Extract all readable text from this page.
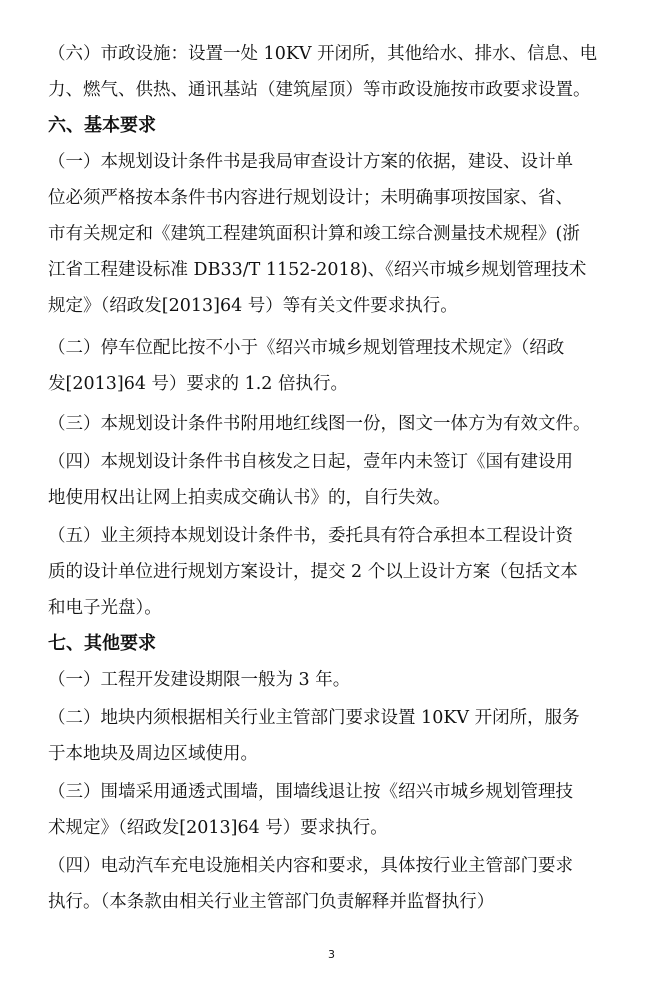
（六）市政设施：设置一处 10KV 开闭所，其他给水、排水、信息、电
力、燃气、供热、通讯基站（建筑屋顶）等市政设施按市政要求设置。
六、基本要求
（一）本规划设计条件书是我局审查设计方案的依据，建设、设计单
位必须严格按本条件书内容进行规划设计；未明确事项按国家、省、
市有关规定和《建筑工程建筑面积计算和竣工综合测量技术规程》(浙
江省工程建设标准 DB33/T 1152-2018)、《绍兴市城乡规划管理技术
规定》（绍政发[2013]64 号）等有关文件要求执行。
（二）停车位配比按不小于《绍兴市城乡规划管理技术规定》（绍政
发[2013]64 号）要求的 1.2 倍执行。
（三）本规划设计条件书附用地红线图一份，图文一体方为有效文件。
（四）本规划设计条件书自核发之日起，壹年内未签订《国有建设用
地使用权出让网上拍卖成交确认书》的，自行失效。
（五）业主须持本规划设计条件书，委托具有符合承担本工程设计资
质的设计单位进行规划方案设计，提交 2 个以上设计方案（包括文本
和电子光盘）。
七、其他要求
（一）工程开发建设期限一般为 3 年。
（二）地块内须根据相关行业主管部门要求设置 10KV 开闭所，服务
于本地块及周边区域使用。
（三）围墙采用通透式围墙，围墙线退让按《绍兴市城乡规划管理技
术规定》（绍政发[2013]64 号）要求执行。
（四）电动汽车充电设施相关内容和要求，具体按行业主管部门要求
执行。（本条款由相关行业主管部门负责解释并监督执行）
3
